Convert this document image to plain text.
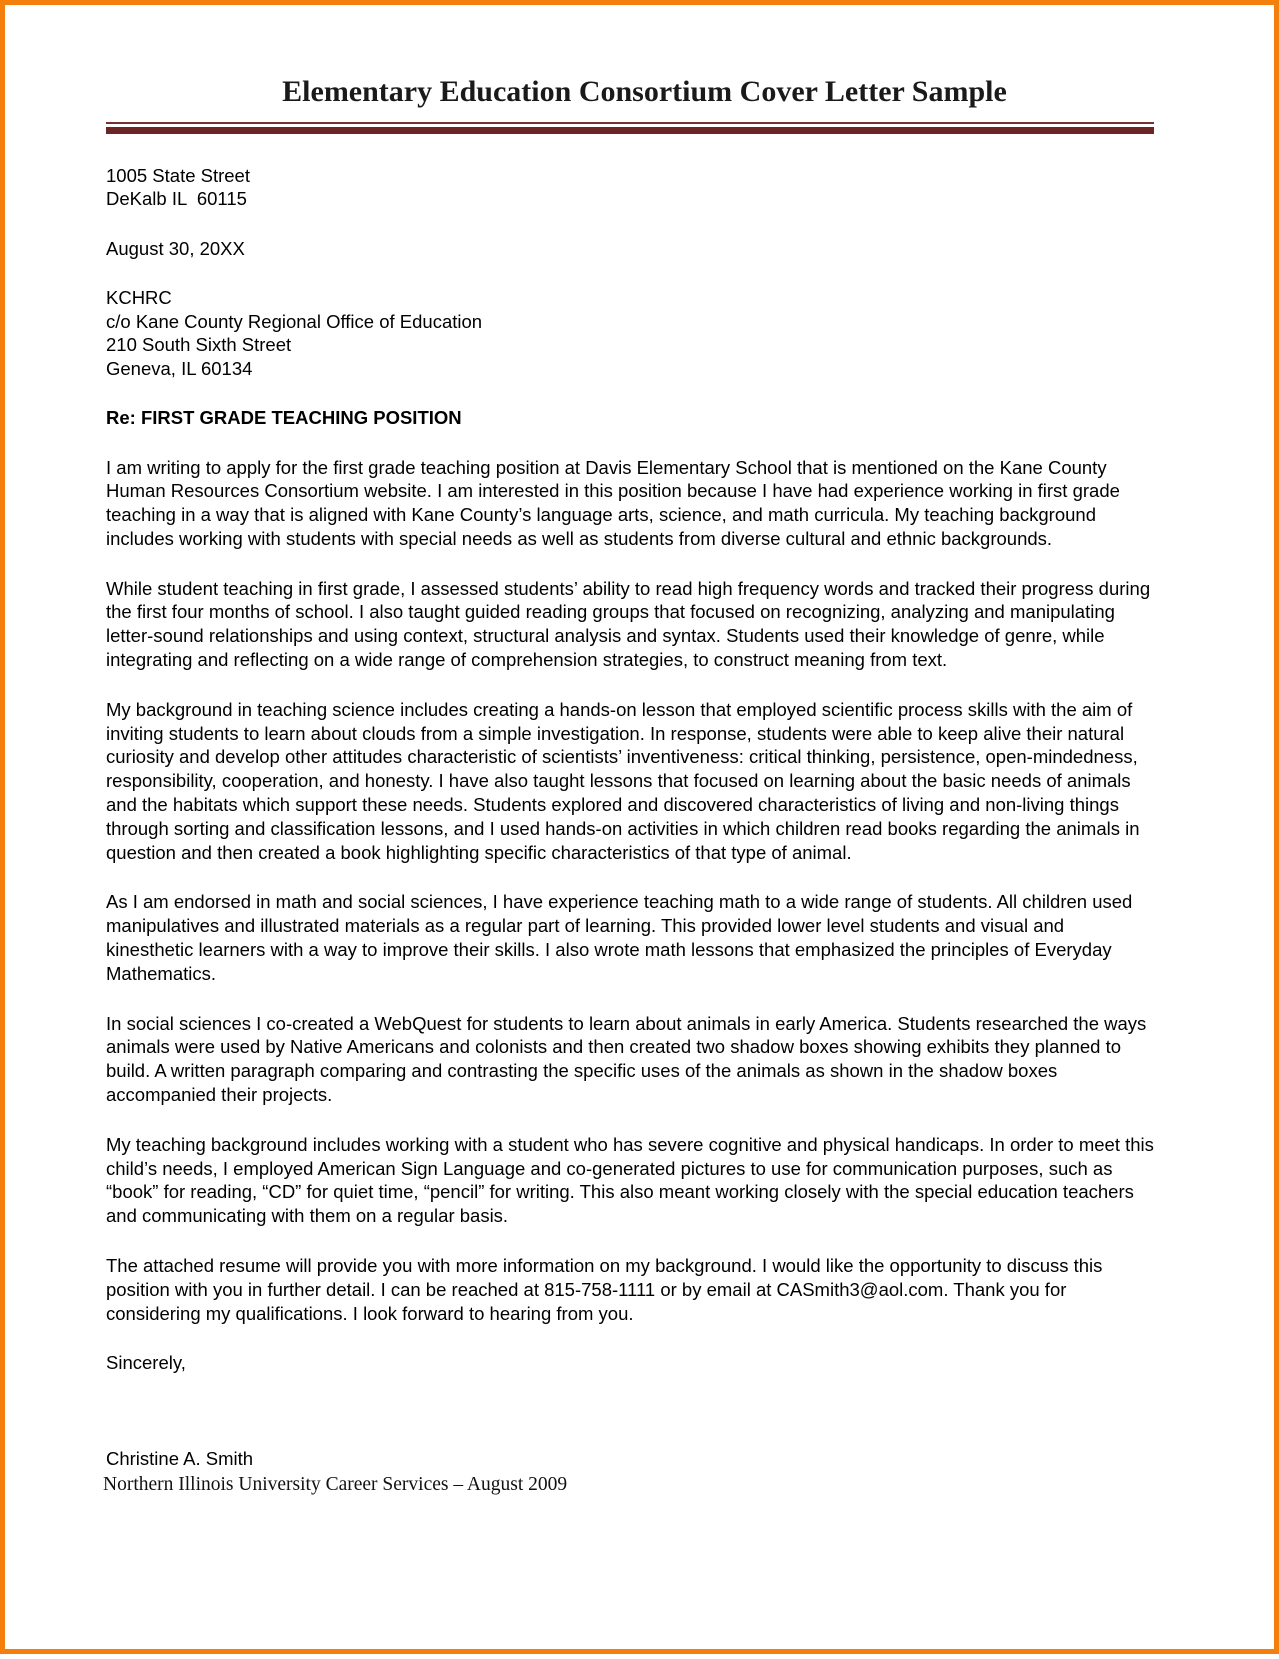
Elementary Education Consortium Cover Letter Sample
1005 State Street
DeKalb IL  60115
August 30, 20XX
KCHRC
c/o Kane County Regional Office of Education
210 South Sixth Street
Geneva, IL 60134
Re: FIRST GRADE TEACHING POSITION

I am writing to apply for the first grade teaching position at Davis Elementary School that is mentioned on the Kane County Human Resources Consortium website. I am interested in this position because I have had experience working in first grade teaching in a way that is aligned with Kane County’s language arts, science, and math curricula. My teaching background includes working with students with special needs as well as students from diverse cultural and ethnic backgrounds.

While student teaching in first grade, I assessed students’ ability to read high frequency words and tracked their progress during the first four months of school. I also taught guided reading groups that focused on recognizing, analyzing and manipulating letter-sound relationships and using context, structural analysis and syntax. Students used their knowledge of genre, while integrating and reflecting on a wide range of comprehension strategies, to construct meaning from text.

My background in teaching science includes creating a hands-on lesson that employed scientific process skills with the aim of inviting students to learn about clouds from a simple investigation. In response, students were able to keep alive their natural curiosity and develop other attitudes characteristic of scientists’ inventiveness: critical thinking, persistence, open-mindedness, responsibility, cooperation, and honesty. I have also taught lessons that focused on learning about the basic needs of animals and the habitats which support these needs. Students explored and discovered characteristics of living and non-living things through sorting and classification lessons, and I used hands-on activities in which children read books regarding the animals in question and then created a book highlighting specific characteristics of that type of animal.

As I am endorsed in math and social sciences, I have experience teaching math to a wide range of students. All children used manipulatives and illustrated materials as a regular part of learning. This provided lower level students and visual and kinesthetic learners with a way to improve their skills. I also wrote math lessons that emphasized the principles of Everyday Mathematics.

In social sciences I co-created a WebQuest for students to learn about animals in early America. Students researched the ways animals were used by Native Americans and colonists and then created two shadow boxes showing exhibits they planned to build. A written paragraph comparing and contrasting the specific uses of the animals as shown in the shadow boxes accompanied their projects.

My teaching background includes working with a student who has severe cognitive and physical handicaps. In order to meet this child’s needs, I employed American Sign Language and co-generated pictures to use for communication purposes, such as “book” for reading, “CD” for quiet time, “pencil” for writing. This also meant working closely with the special education teachers and communicating with them on a regular basis.

The attached resume will provide you with more information on my background. I would like the opportunity to discuss this position with you in further detail. I can be reached at 815-758-1111 or by email at CASmith3@aol.com. Thank you for considering my qualifications. I look forward to hearing from you.

Sincerely,
Christine A. Smith
Northern Illinois University Career Services – August 2009
